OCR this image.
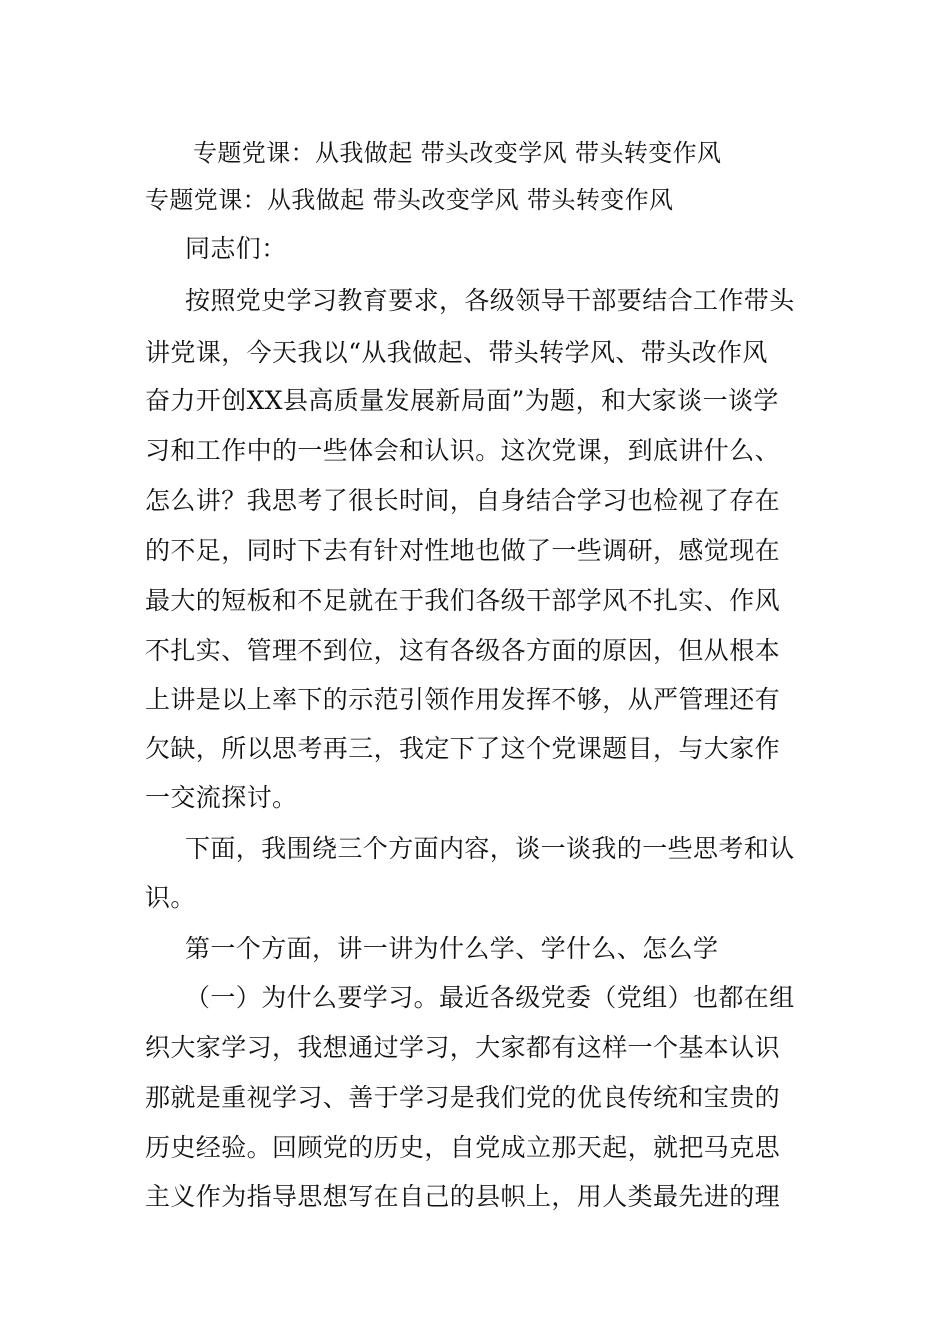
专题党课：从我做起 带头改变学风 带头转变作风
专题党课：从我做起 带头改变学风 带头转变作风
同志们：
按照党史学习教育要求，各级领导干部要结合工作带头
讲党课，今天我以“从我做起、带头转学风、带头改作风
奋力开创XX县高质量发展新局面”为题，和大家谈一谈学
习和工作中的一些体会和认识。这次党课，到底讲什么、
怎么讲？我思考了很长时间，自身结合学习也检视了存在
的不足，同时下去有针对性地也做了一些调研，感觉现在
最大的短板和不足就在于我们各级干部学风不扎实、作风
不扎实、管理不到位，这有各级各方面的原因，但从根本
上讲是以上率下的示范引领作用发挥不够，从严管理还有
欠缺，所以思考再三，我定下了这个党课题目，与大家作
一交流探讨。
下面，我围绕三个方面内容，谈一谈我的一些思考和认
识。
第一个方面，讲一讲为什么学、学什么、怎么学
（一）为什么要学习。最近各级党委（党组）也都在组
织大家学习，我想通过学习，大家都有这样一个基本认识
那就是重视学习、善于学习是我们党的优良传统和宝贵的
历史经验。回顾党的历史，自党成立那天起，就把马克思
主义作为指导思想写在自己的县帜上，用人类最先进的理
